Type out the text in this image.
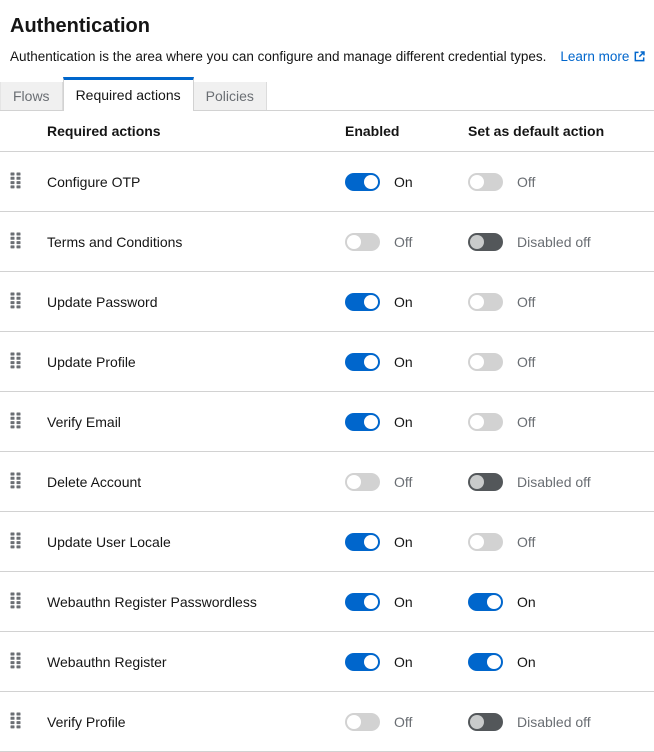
Authentication
Authentication is the area where you can configure and manage different credential types. Learn more
Flows Required actions Policies
Required actions	Enabled	Set as default action
Configure OTP	On	Off
Terms and Conditions	Off	Disabled off
Update Password	On	Off
Update Profile	On	Off
Verify Email	On	Off
Delete Account	Off	Disabled off
Update User Locale	On	Off
Webauthn Register Passwordless	On	On
Webauthn Register	On	On
Verify Profile	Off	Disabled off
